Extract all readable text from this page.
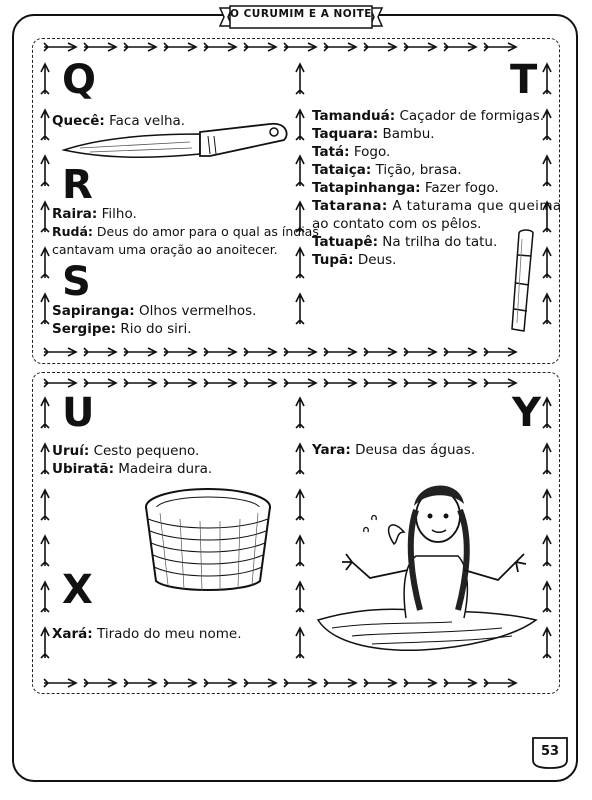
O CURUMIM E A NOITE
Q
R
S
T
U
X
Y
Quecê: Faca velha.
Raira: Filho.
Rudá: Deus do amor para o qual as índias
cantavam uma oração ao anoitecer.
Sapiranga: Olhos vermelhos.
Sergipe: Rio do siri.
Tamanduá: Caçador de formigas.
Taquara: Bambu.
Tatá: Fogo.
Tataiça: Tição, brasa.
Tatapinhanga: Fazer fogo.
Tatarana: A taturama que queima
ao contato com os pêlos.
Tatuapê: Na trilha do tatu.
Tupã: Deus.
Uruí: Cesto pequeno.
Ubiratã: Madeira dura.
Xará: Tirado do meu nome.
Yara: Deusa das águas.
53
